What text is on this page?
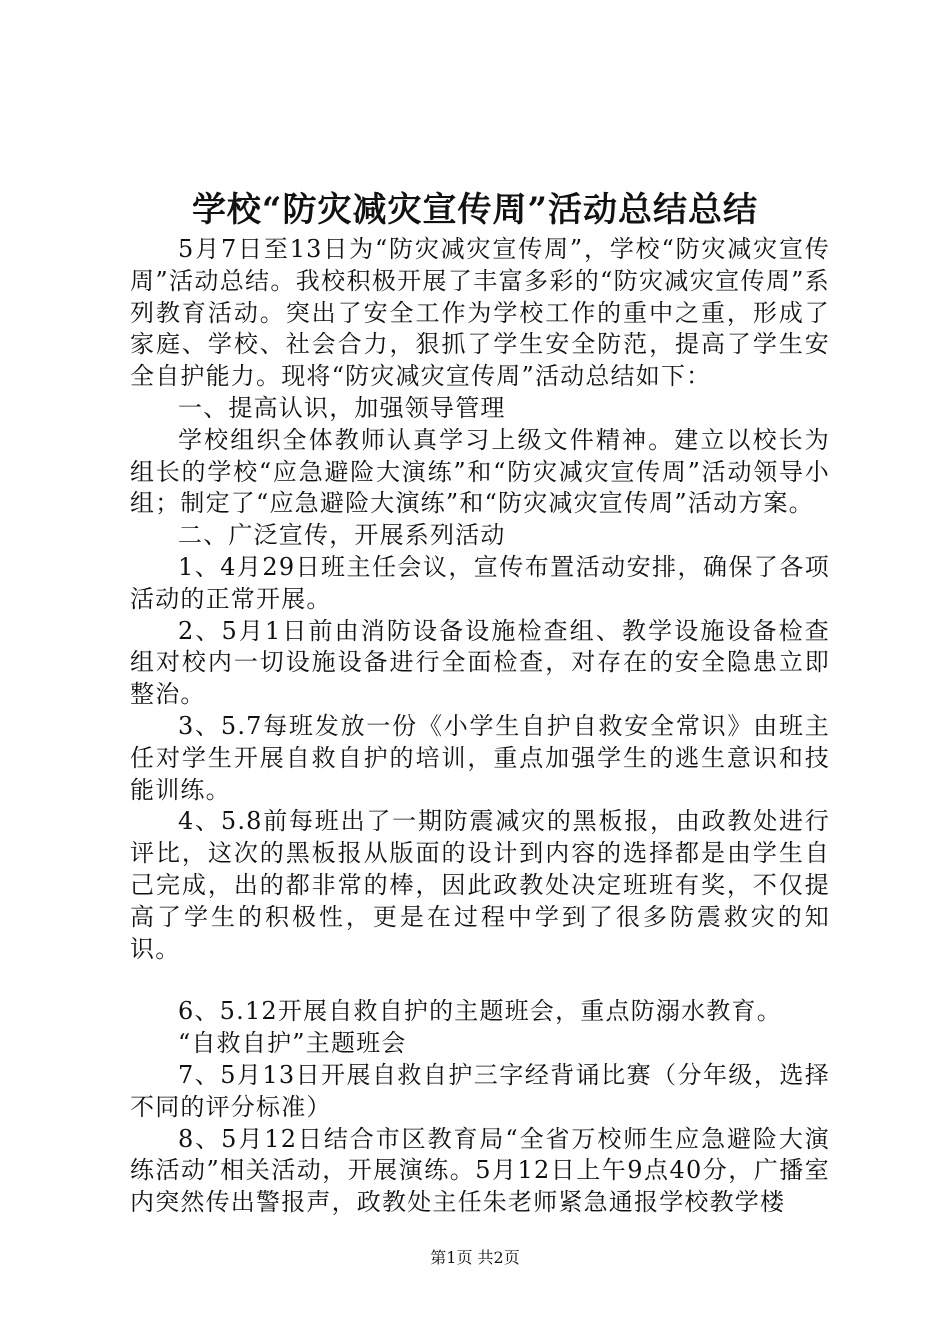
学校“防灾减灾宣传周”活动总结总结

5月7日至13日为“防灾减灾宣传周”，学校“防灾减灾宣传周”活动总结。我校积极开展了丰富多彩的“防灾减灾宣传周”系列教育活动。突出了安全工作为学校工作的重中之重，形成了家庭、学校、社会合力，狠抓了学生安全防范，提高了学生安全自护能力。现将“防灾减灾宣传周”活动总结如下：

一、提高认识，加强领导管理

学校组织全体教师认真学习上级文件精神。建立以校长为组长的学校“应急避险大演练”和“防灾减灾宣传周”活动领导小组；制定了“应急避险大演练”和“防灾减灾宣传周”活动方案。

二、广泛宣传，开展系列活动

1、4月29日班主任会议，宣传布置活动安排，确保了各项活动的正常开展。

2、5月1日前由消防设备设施检查组、教学设施设备检查组对校内一切设施设备进行全面检查，对存在的安全隐患立即整治。

3、5.7每班发放一份《小学生自护自救安全常识》由班主任对学生开展自救自护的培训，重点加强学生的逃生意识和技能训练。

4、5.8前每班出了一期防震减灾的黑板报，由政教处进行评比，这次的黑板报从版面的设计到内容的选择都是由学生自己完成，出的都非常的棒，因此政教处决定班班有奖，不仅提高了学生的积极性，更是在过程中学到了很多防震救灾的知识。

6、5.12开展自救自护的主题班会，重点防溺水教育。

“自救自护”主题班会

7、5月13日开展自救自护三字经背诵比赛（分年级，选择不同的评分标准）

8、5月12日结合市区教育局“全省万校师生应急避险大演练活动”相关活动，开展演练。5月12日上午9点40分，广播室内突然传出警报声，政教处主任朱老师紧急通报学校教学楼

第1页 共2页
